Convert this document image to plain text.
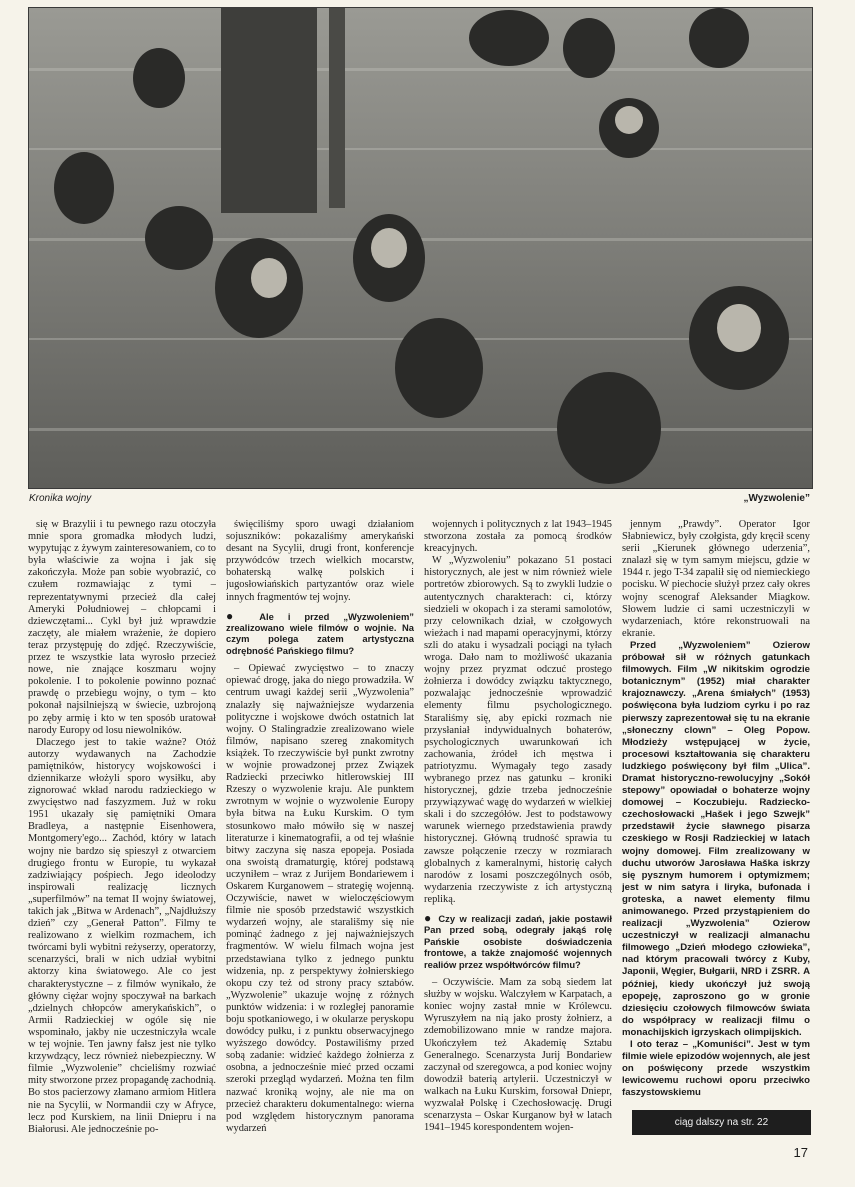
Kronika wojny	„Wyzwolenie”

się w Brazylii i tu pewnego razu otoczyła mnie spora gromadka młodych ludzi, wypytując z żywym zainteresowaniem, co to była właściwie za wojna i jak się zakończyła. Może pan sobie wyobrazić, co czułem rozmawiając z tymi – reprezentatywnymi przecież dla całej Ameryki Południowej – chłopcami i dziewczętami... Cykl był już wprawdzie zaczęty, ale miałem wrażenie, że dopiero teraz przystępuję do zdjęć. Rzeczywiście, przez te wszystkie lata wyrosło przecież nowe, nie znające koszmaru wojny pokolenie. I to pokolenie powinno poznać prawdę o przebiegu wojny, o tym – kto pokonał najsilniejszą w świecie, uzbrojoną po zęby armię i kto w ten sposób uratował narody Europy od losu niewolników.

Dlaczego jest to takie ważne? Otóż autorzy wydawanych na Zachodzie pamiętników, historycy wojskowości i dziennikarze włożyli sporo wysiłku, aby zignorować wkład narodu radzieckiego w zwycięstwo nad faszyzmem. Już w roku 1951 ukazały się pamiętniki Omara Bradleya, a następnie Eisenhowera, Montgomery'ego... Zachód, który w latach wojny nie bardzo się spieszył z otwarciem drugiego frontu w Europie, tu wykazał zadziwiający pośpiech. Jego ideolodzy inspirowali realizację licznych „superfilmów” na temat II wojny światowej, takich jak „Bitwa w Ardenach”, „Najdłuższy dzień” czy „Generał Patton”. Filmy te realizowano z wielkim rozmachem, ich twórcami byli wybitni reżyserzy, operatorzy, scenarzyści, brali w nich udział wybitni aktorzy kina światowego. Ale co jest charakterystyczne – z filmów wynikało, że główny ciężar wojny spoczywał na barkach „dzielnych chłopców amerykańskich”, o Armii Radzieckiej w ogóle się nie wspominało, jakby nie uczestniczyła wcale w tej wojnie. Ten jawny fałsz jest nie tylko krzywdzący, lecz również niebezpieczny. W filmie „Wyzwolenie” chcieliśmy rozwiać mity stworzone przez propagandę zachodnią. Bo stos pacierzowy złamano armiom Hitlera nie na Sycylii, w Normandii czy w Afryce, lecz pod Kurskiem, na linii Dniepru i na Białorusi. Ale jednocześnie po-

święciliśmy sporo uwagi działaniom sojuszników: pokazaliśmy amerykański desant na Sycylii, drugi front, konferencje przywódców trzech wielkich mocarstw, bohaterską walkę polskich i jugosłowiańskich partyzantów oraz wiele innych fragmentów tej wojny.

● Ale i przed „Wyzwoleniem” zrealizowano wiele filmów o wojnie. Na czym polega zatem artystyczna odrębność Pańskiego filmu?

– Opiewać zwycięstwo – to znaczy opiewać drogę, jaka do niego prowadziła. W centrum uwagi każdej serii „Wyzwolenia” znalazły się najważniejsze wydarzenia polityczne i wojskowe dwóch ostatnich lat wojny. O Stalingradzie zrealizowano wiele filmów, napisano szereg znakomitych książek. To rzeczywiście był punkt zwrotny w wojnie prowadzonej przez Związek Radziecki przeciwko hitlerowskiej III Rzeszy o wyzwolenie kraju. Ale punktem zwrotnym w wojnie o wyzwolenie Europy była bitwa na Łuku Kurskim. O tym stosunkowo mało mówiło się w naszej literaturze i kinematografii, a od tej właśnie bitwy zaczyna się nasza epopeja. Posiada ona swoistą dramaturgię, której podstawą uczyniłem – wraz z Jurijem Bondariewem i Oskarem Kurganowem – strategię wojenną. Oczywiście, nawet w wieloczęściowym filmie nie sposób przedstawić wszystkich wydarzeń wojny, ale starališmy się nie pominąć żadnego z jej najważniejszych fragmentów. W wielu filmach wojna jest przedstawiana tylko z jednego punktu widzenia, np. z perspektywy żołnierskiego okopu czy też od strony pracy sztabów. „Wyzwolenie” ukazuje wojnę z różnych punktów widzenia: i w rozległej panoramie boju spotkaniowego, i w okularze peryskopu dowódcy pułku, i z punktu obserwacyjnego wyższego dowódcy. Postawiliśmy przed sobą zadanie: widzieć każdego żołnierza z osobna, a jednocześnie mieć przed oczami szeroki przegląd wydarzeń. Można ten film nazwać kroniką wojny, ale nie ma on przecież charakteru dokumentalnego: wierna pod względem historycznym panorama wydarzeń

wojennych i politycznych z lat 1943–1945 stworzona została za pomocą środków kreacyjnych.

W „Wyzwoleniu” pokazano 51 postaci historycznych, ale jest w nim również wiele portretów zbiorowych. Są to zwykli ludzie o autentycznych charakterach: ci, którzy siedzieli w okopach i za sterami samolotów, przy celownikach dział, w czołgowych wieżach i nad mapami operacyjnymi, którzy szli do ataku i wysadzali pociągi na tyłach wroga. Dało nam to możliwość ukazania wojny przez pryzmat odczuć prostego żołnierza i dowódcy związku taktycznego, pozwalając jednocześnie wprowadzić elementy filmu psychologicznego. Staraliśmy się, aby epicki rozmach nie przysłaniał indywidualnych bohaterów, psychologicznych uwarunkowań ich zachowania, źródeł ich męstwa i patriotyzmu. Wymagały tego zasady wybranego przez nas gatunku – kroniki historycznej, gdzie trzeba jednocześnie przywiązywać wagę do wydarzeń w wielkiej skali i do szczegółów. Jest to podstawowy warunek wiernego przedstawienia prawdy historycznej. Główną trudność sprawia tu zawsze połączenie rzeczy w rozmiarach globalnych z kameralnymi, historię całych narodów z losami poszczególnych osób, wydarzenia rzeczywiste z ich artystyczną repliką.

● Czy w realizacji zadań, jakie postawił Pan przed sobą, odegrały jakąś rolę Pańskie osobiste doświadczenia frontowe, a także znajomość wojennych realiów przez współtwórców filmu?

– Oczywiście. Mam za sobą siedem lat służby w wojsku. Walczyłem w Karpatach, a koniec wojny zastał mnie w Królewcu. Wyruszyłem na nią jako prosty żołnierz, a zdemobilizowano mnie w randze majora. Ukończyłem też Akademię Sztabu Generalnego. Scenarzysta Jurij Bondariew zaczynał od szeregowca, a pod koniec wojny dowodził baterią artylerii. Uczestniczył w walkach na Łuku Kurskim, forsował Dniepr, wyzwalał Polskę i Czechosłowację. Drugi scenarzysta – Oskar Kurganow był w latach 1941–1945 korespondentem wojen-

jennym „Prawdy”. Operator Igor Słabniewicz, były czołgista, gdy kręcił sceny serii „Kierunek głównego uderzenia”, znalazł się w tym samym miejscu, gdzie w 1944 r. jego T-34 zapalił się od niemieckiego pocisku. W piechocie służył przez cały okres wojny scenograf Aleksander Miagkow. Słowem ludzie ci sami uczestniczyli w wydarzeniach, które rekonstruowali na ekranie.

Przed „Wyzwoleniem” Ozierow próbował sił w różnych gatunkach filmowych. Film „W nikitskim ogrodzie botanicznym” (1952) miał charakter krajoznawczy. „Arena śmiałych” (1953) poświęcona była ludziom cyrku i po raz pierwszy zaprezentował się tu na ekranie „słoneczny clown” – Oleg Popow. Młodzieży wstępującej w życie, procesowi kształtowania się charakteru ludzkiego poświęcony był film „Ulica”. Dramat historyczno-rewolucyjny „Sokół stepowy” opowiadał o bohaterze wojny domowej – Koczubieju. Radziecko-czechosłowacki „Hašek i jego Szwejk” przedstawił życie sławnego pisarza czeskiego w Rosji Radzieckiej w latach wojny domowej. Film zrealizowany w duchu utworów Jarosława Haška iskrzy się pysznym humorem i optymizmem; jest w nim satyra i liryka, bufonada i groteska, a nawet elementy filmu animowanego. Przed przystąpieniem do realizacji „Wyzwolenia” Ozierow uczestniczył w realizacji almanachu filmowego „Dzień młodego człowieka”, nad którym pracowali twórcy z Kuby, Japonii, Węgier, Bułgarii, NRD i ZSRR. A później, kiedy ukończył już swoją epopeję, zaproszono go w gronie dziesięciu czołowych filmowców świata do współpracy w realizacji filmu o monachijskich igrzyskach olimpijskich.

I oto teraz – „Komuniści”. Jest w tym filmie wiele epizodów wojennych, ale jest on poświęcony przede wszystkim lewicowemu ruchowi oporu przeciwko faszystowskiemu

ciąg dalszy na str. 22
17
